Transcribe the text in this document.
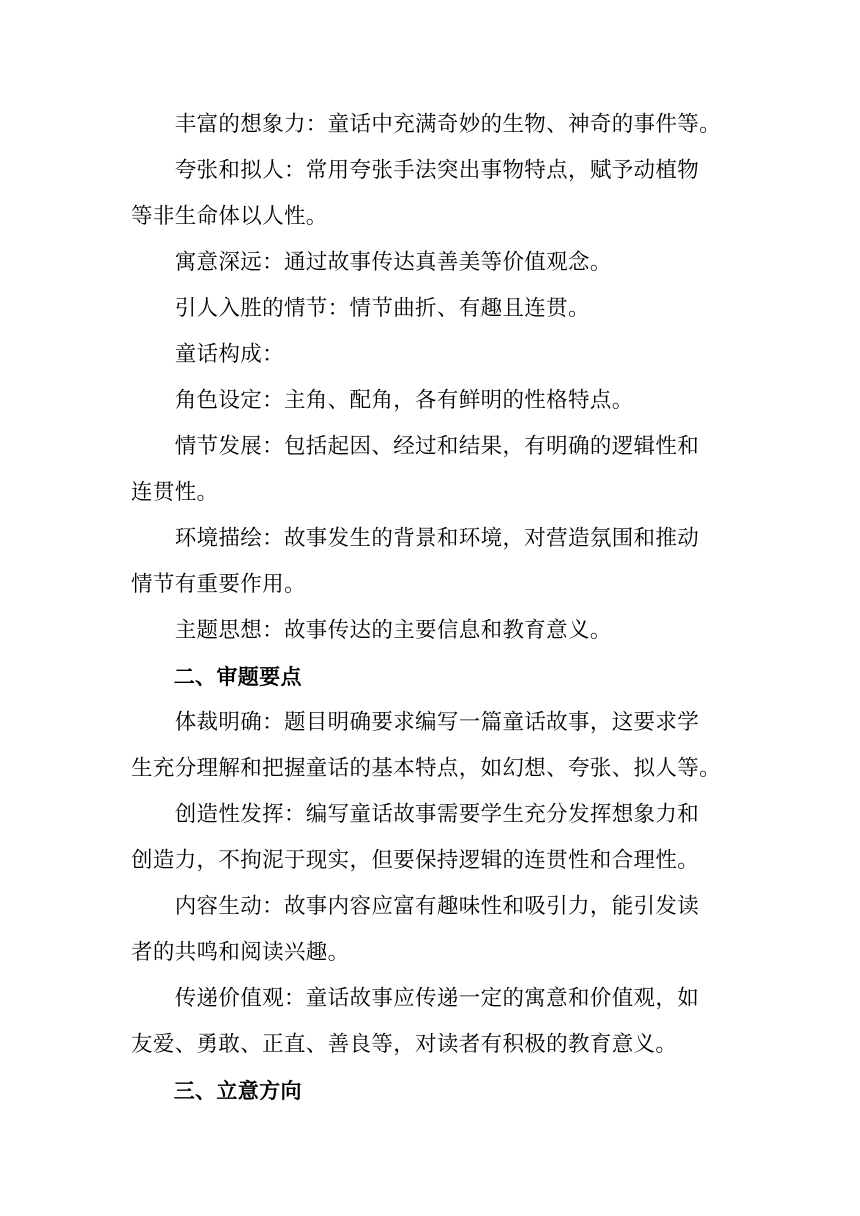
　　丰富的想象力：童话中充满奇妙的生物、神奇的事件等。
　　夸张和拟人：常用夸张手法突出事物特点，赋予动植物
等非生命体以人性。
　　寓意深远：通过故事传达真善美等价值观念。
　　引人入胜的情节：情节曲折、有趣且连贯。
　　童话构成：
　　角色设定：主角、配角，各有鲜明的性格特点。
　　情节发展：包括起因、经过和结果，有明确的逻辑性和
连贯性。
　　环境描绘：故事发生的背景和环境，对营造氛围和推动
情节有重要作用。
　　主题思想：故事传达的主要信息和教育意义。
　　二、审题要点
　　体裁明确：题目明确要求编写一篇童话故事，这要求学
生充分理解和把握童话的基本特点，如幻想、夸张、拟人等。
　　创造性发挥：编写童话故事需要学生充分发挥想象力和
创造力，不拘泥于现实，但要保持逻辑的连贯性和合理性。
　　内容生动：故事内容应富有趣味性和吸引力，能引发读
者的共鸣和阅读兴趣。
　　传递价值观：童话故事应传递一定的寓意和价值观，如
友爱、勇敢、正直、善良等，对读者有积极的教育意义。
　　三、立意方向
